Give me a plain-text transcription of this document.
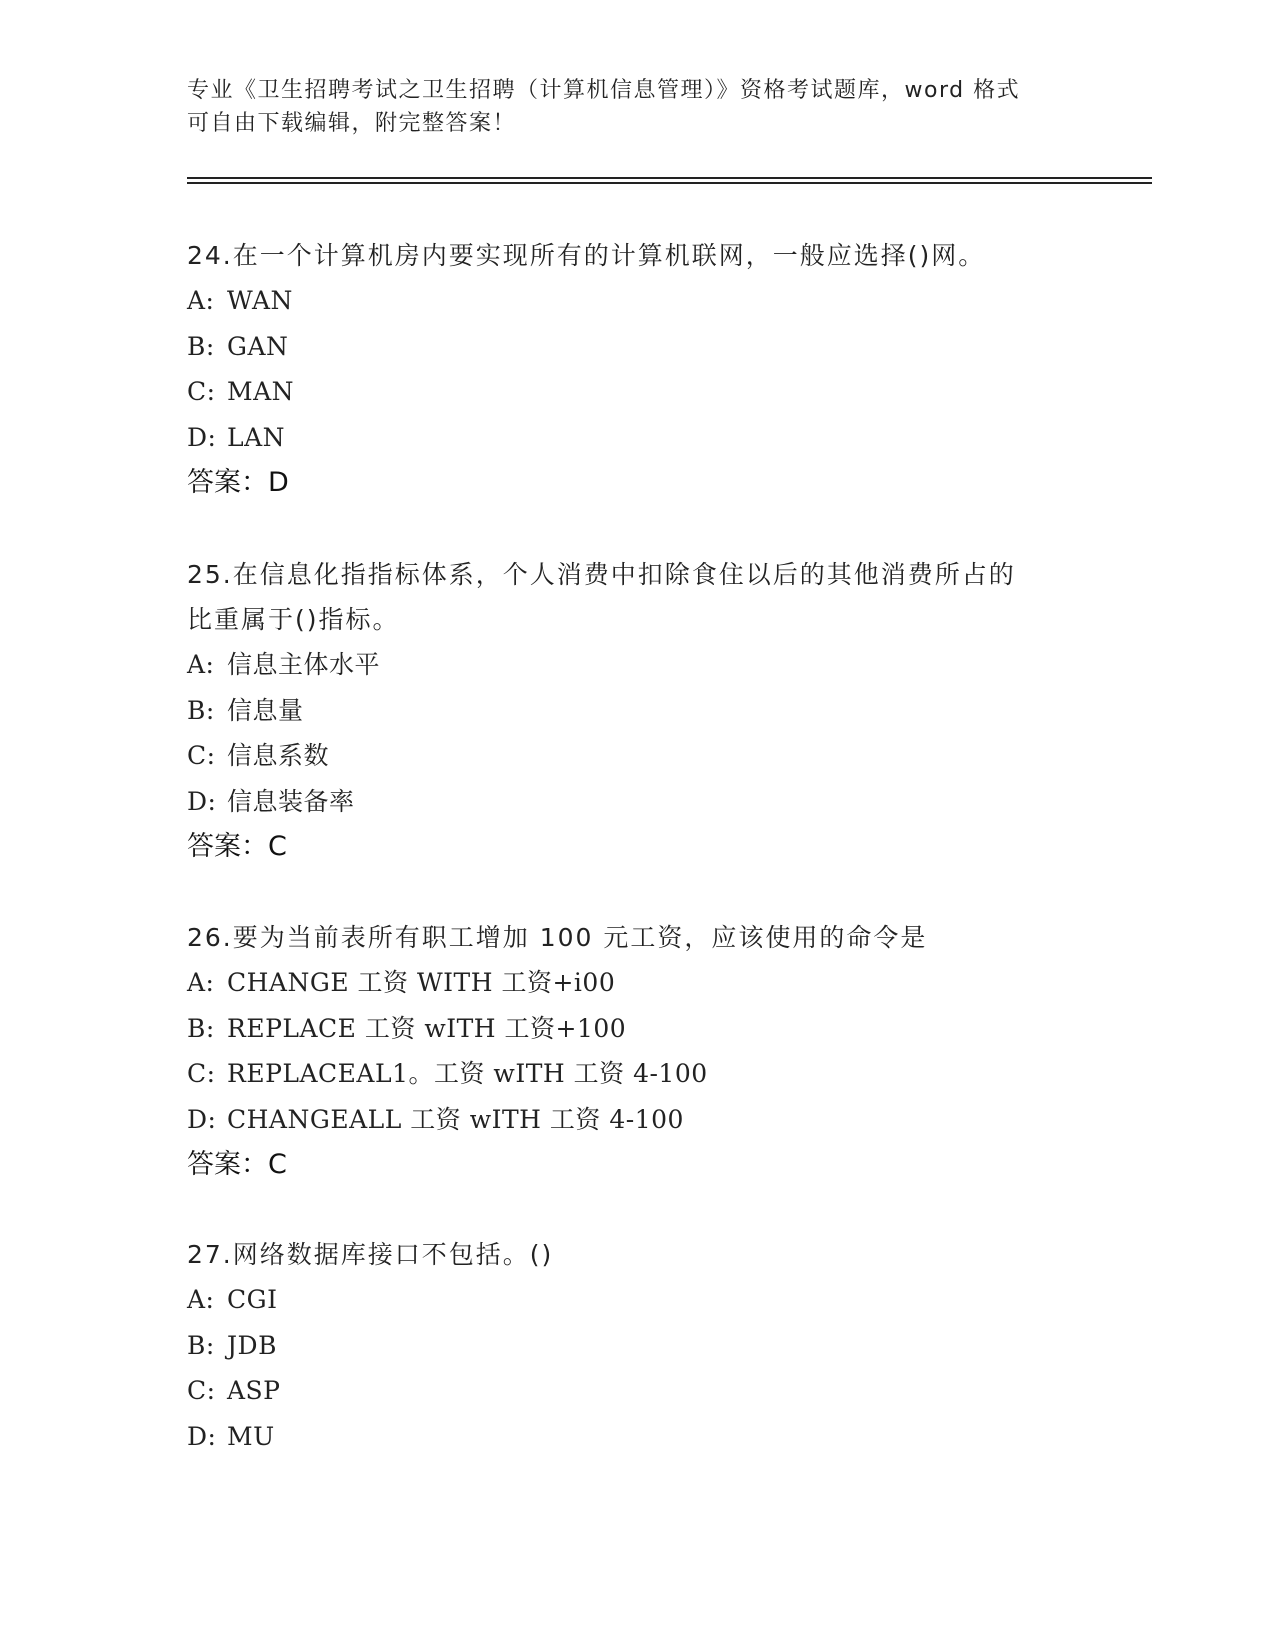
专业《卫生招聘考试之卫生招聘（计算机信息管理）》资格考试题库，word 格式
可自由下载编辑，附完整答案！

24.在一个计算机房内要实现所有的计算机联网，一般应选择()网。

A: WAN
B: GAN
C: MAN
D: LAN
答案：D

25.在信息化指指标体系，个人消费中扣除食住以后的其他消费所占的

比重属于()指标。

A: 信息主体水平
B: 信息量
C: 信息系数
D: 信息装备率
答案：C

26.要为当前表所有职工增加 100 元工资，应该使用的命令是

A: CHANGE 工资 WITH 工资+i00
B: REPLACE 工资 wITH 工资+100
C: REPLACEAL1。工资 wITH 工资 4-100
D: CHANGEALL 工资 wITH 工资 4-100
答案：C

27.网络数据库接口不包括。()

A: CGI
B: JDB
C: ASP
D: MU
